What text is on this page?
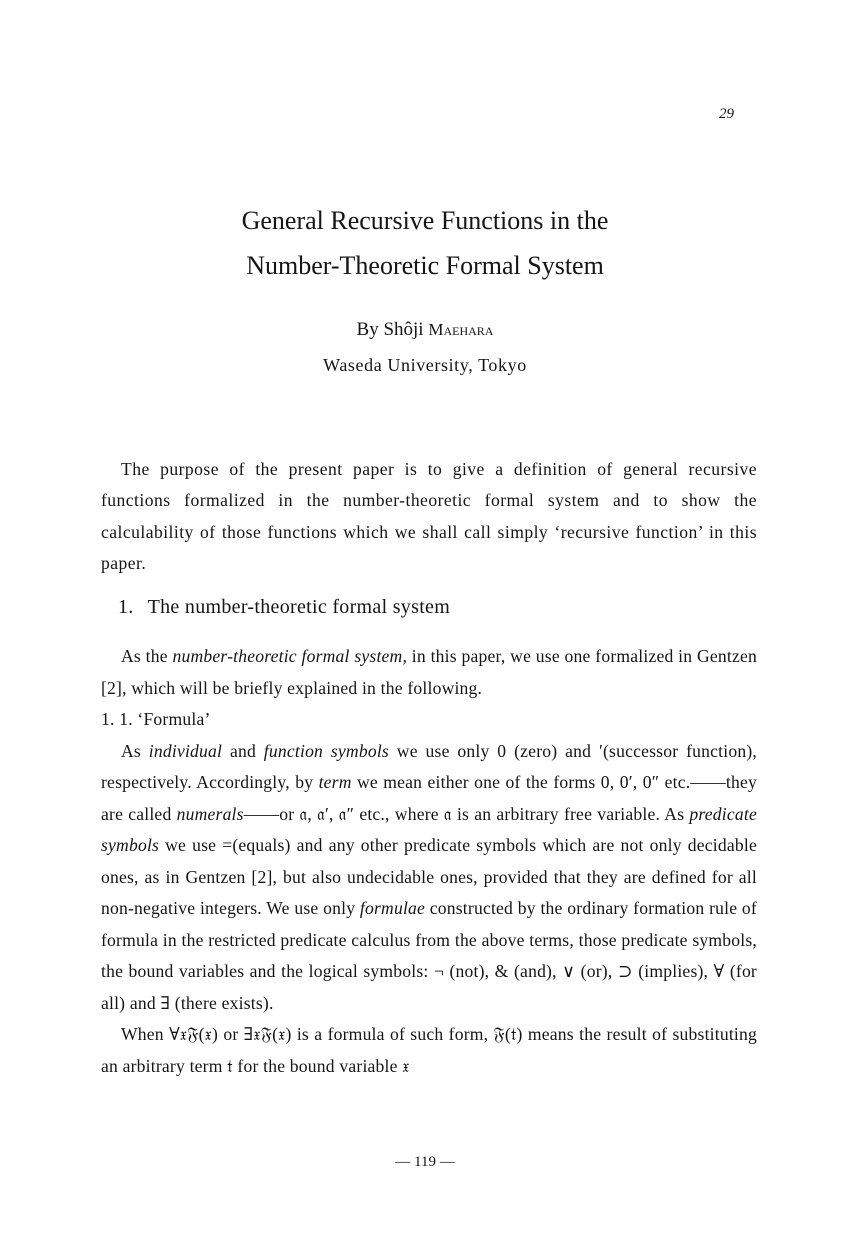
29
General Recursive Functions in the
Number-Theoretic Formal System
By Shôji Maehara
Waseda University, Tokyo

The purpose of the present paper is to give a definition of general recursive functions formalized in the number-theoretic formal system and to show the calculability of those functions which we shall call simply ‘recursive function’ in this paper.

1. The number-theoretic formal system

As the number-theoretic formal system, in this paper, we use one formalized in Gentzen [2], which will be briefly explained in the following.

1. 1. ‘Formula’

As individual and function symbols we use only 0 (zero) and ′(successor function), respectively. Accordingly, by term we mean either one of the forms 0, 0′, 0″ etc.——they are called numerals——or 𝔞, 𝔞′, 𝔞″ etc., where 𝔞 is an arbitrary free variable. As predicate symbols we use =(equals) and any other predicate symbols which are not only decidable ones, as in Gentzen [2], but also undecidable ones, provided that they are defined for all non-negative integers. We use only formulae constructed by the ordinary formation rule of formula in the restricted predicate calculus from the above terms, those predicate symbols, the bound variables and the logical symbols: ¬ (not), & (and), ∨ (or), ⊃ (implies), ∀ (for all) and ∃ (there exists).

When ∀𝔵𝔉(𝔵) or ∃𝔵𝔉(𝔵) is a formula of such form, 𝔉(𝔱) means the result of substituting an arbitrary term 𝔱 for the bound variable 𝔵

— 119 —
